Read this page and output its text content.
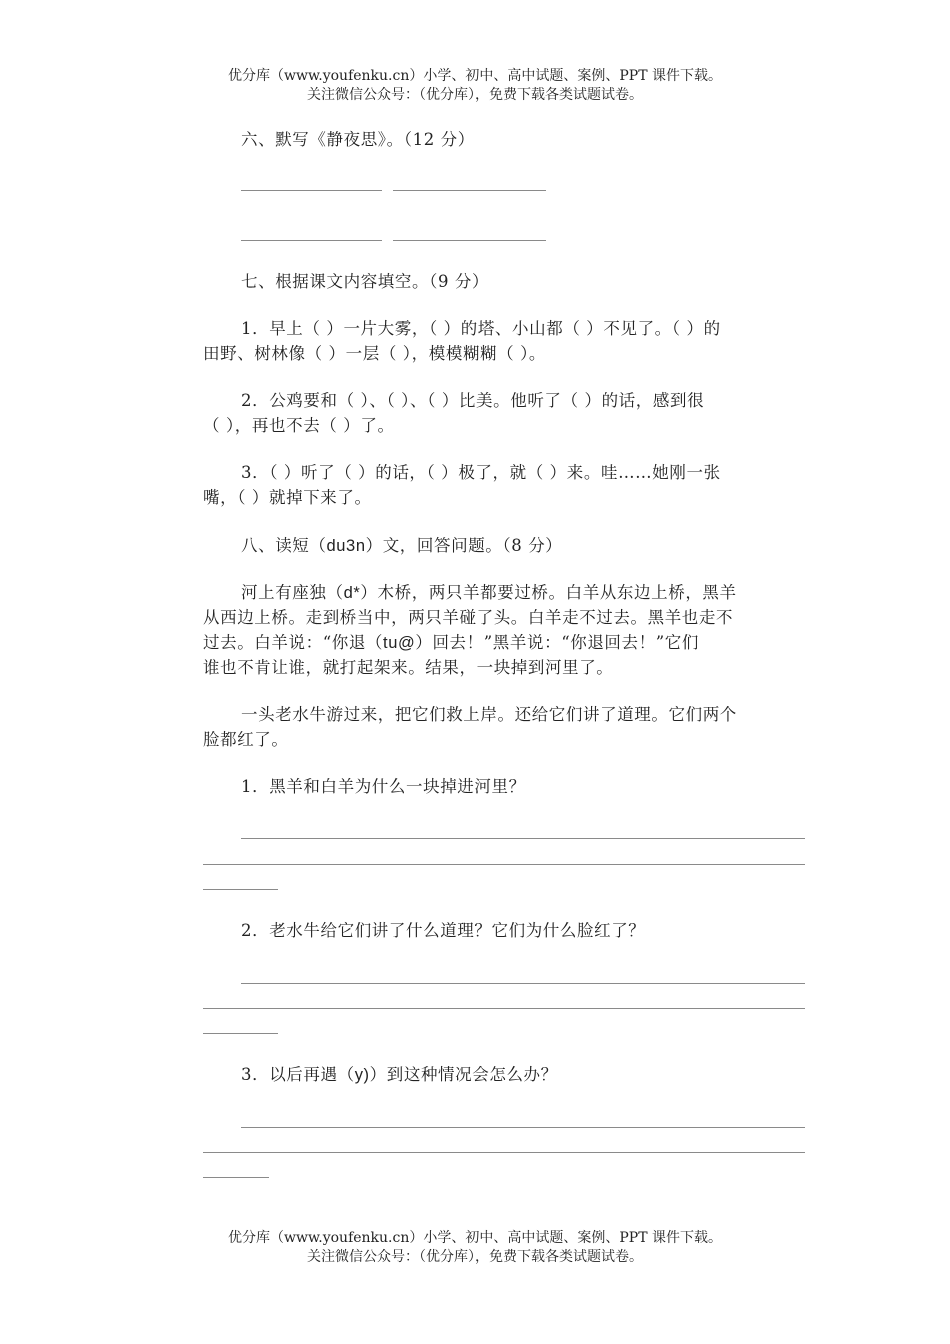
优分库（www.youfenku.cn）小学、初中、高中试题、案例、PPT 课件下载。
关注微信公众号：（优分库），免费下载各类试题试卷。
六、默写《静夜思》。（12 分）
七、根据课文内容填空。（9 分）
1．早上（ ）一片大雾，（ ）的塔、小山都（ ）不见了。（ ）的
田野、树林像（ ）一层（ ），模模糊糊（ ）。
2．公鸡要和（ ）、（ ）、（ ）比美。他听了（ ）的话，感到很
（ ），再也不去（ ）了。
3．（ ）听了（ ）的话，（ ）极了，就（ ）来。哇……她刚一张
嘴，（ ）就掉下来了。
八、读短（du3n）文，回答问题。（8 分）
河上有座独（d*）木桥，两只羊都要过桥。白羊从东边上桥，黑羊
从西边上桥。走到桥当中，两只羊碰了头。白羊走不过去。黑羊也走不
过去。白羊说：“你退（tu@）回去！”黑羊说：“你退回去！”它们
谁也不肯让谁，就打起架来。结果，一块掉到河里了。
一头老水牛游过来，把它们救上岸。还给它们讲了道理。它们两个
脸都红了。
1．黑羊和白羊为什么一块掉进河里？
2．老水牛给它们讲了什么道理？它们为什么脸红了？
3．以后再遇（y)）到这种情况会怎么办？
优分库（www.youfenku.cn）小学、初中、高中试题、案例、PPT 课件下载。
关注微信公众号：（优分库），免费下载各类试题试卷。
